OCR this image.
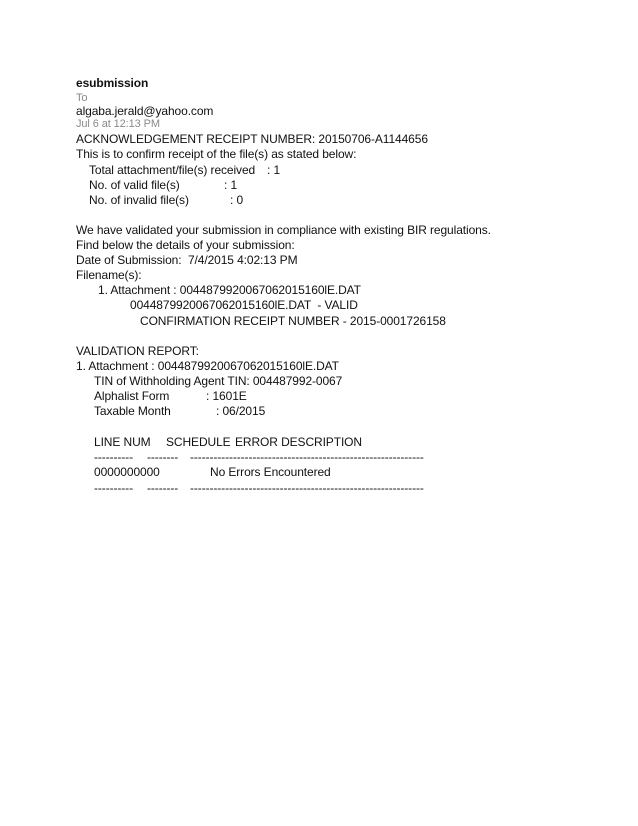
esubmission
To
algaba.jerald@yahoo.com
Jul 6 at 12:13 PM
ACKNOWLEDGEMENT RECEIPT NUMBER: 20150706-A1144656
This is to confirm receipt of the file(s) as stated below:
Total attachment/file(s) received : 1
No. of valid file(s)	: 1
No. of invalid file(s)	: 0
We have validated your submission in compliance with existing BIR regulations.
Find below the details of your submission:
Date of Submission:  7/4/2015 4:02:13 PM
Filename(s):
1. Attachment : 0044879920067062015160lE.DAT
0044879920067062015160lE.DAT  - VALID
CONFIRMATION RECEIPT NUMBER - 2015-0001726158
VALIDATION REPORT:
1. Attachment : 0044879920067062015160lE.DAT
TIN of Withholding Agent TIN: 004487992-0067
Alphalist Form	: 1601E
Taxable Month	: 06/2015
LINE NUM SCHEDULE ERROR DESCRIPTION
---------- -------- ------------------------------------------------------------
0000000000	No Errors Encountered
---------- -------- ------------------------------------------------------------
